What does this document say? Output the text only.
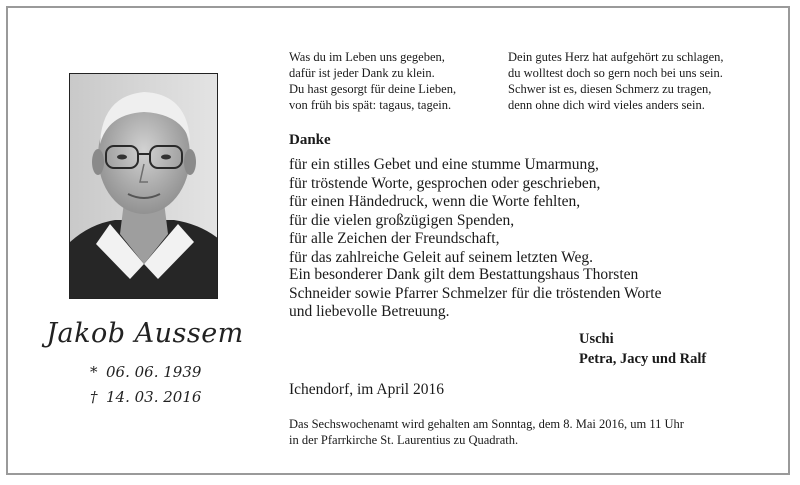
Jakob Aussem
* 06. 06. 1939
† 14. 03. 2016
Was du im Leben uns gegeben,
dafür ist jeder Dank zu klein.
Du hast gesorgt für deine Lieben,
von früh bis spät: tagaus, tagein.
Dein gutes Herz hat aufgehört zu schlagen,
du wolltest doch so gern noch bei uns sein.
Schwer ist es, diesen Schmerz zu tragen,
denn ohne dich wird vieles anders sein.
Danke
für ein stilles Gebet und eine stumme Umarmung,
für tröstende Worte, gesprochen oder geschrieben,
für einen Händedruck, wenn die Worte fehlten,
für die vielen großzügigen Spenden,
für alle Zeichen der Freundschaft,
für das zahlreiche Geleit auf seinem letzten Weg.
Ein besonderer Dank gilt dem Bestattungshaus Thorsten
Schneider sowie Pfarrer Schmelzer für die tröstenden Worte
und liebevolle Betreuung.
Uschi
Petra, Jacy und Ralf
Ichendorf, im April 2016
Das Sechswochenamt wird gehalten am Sonntag, dem 8. Mai 2016, um 11 Uhr
in der Pfarrkirche St. Laurentius zu Quadrath.
